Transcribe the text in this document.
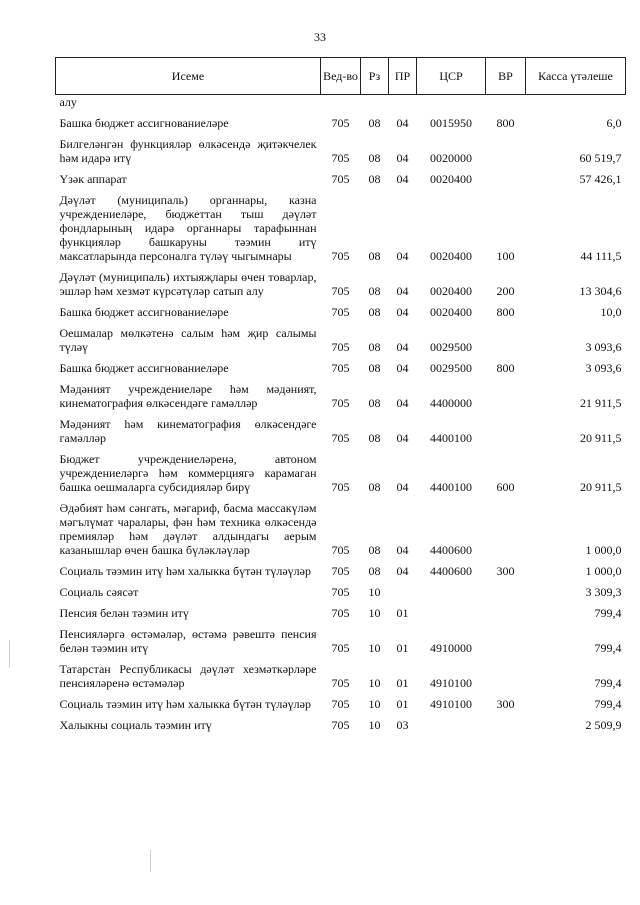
33
Исеме	Вед-во	Рз	ПР	ЦСР	ВР	Касса үтәлеше
алу						
Башка бюджет ассигнованиеләре	705	08	04	0015950	800	6,0
Билгеләнгән функцияләр өлкәсендә җитәкчелек һәм идарә итү	705	08	04	0020000		60 519,7
Үзәк аппарат	705	08	04	0020400		57 426,1
Дәүләт (муниципаль) органнары, казна учреждениеләре, бюджеттан тыш дәүләт фондларының идарә органнары тарафыннан функцияләр башкаруны тәэмин итү максатларында персоналга түләү чыгымнары	705	08	04	0020400	100	44 111,5
Дәүләт (муниципаль) ихтыяҗлары өчен товарлар, эшләр һәм хезмәт күрсәтүләр сатып алу	705	08	04	0020400	200	13 304,6
Башка бюджет ассигнованиеләре	705	08	04	0020400	800	10,0
Оешмалар мөлкәтенә салым һәм җир салымы түләү	705	08	04	0029500		3 093,6
Башка бюджет ассигнованиеләре	705	08	04	0029500	800	3 093,6
Мәдәният учреждениеләре һәм мәдәният, кинематография өлкәсендәге гамәлләр	705	08	04	4400000		21 911,5
Мәдәният һәм кинематография өлкәсендәге гамәлләр	705	08	04	4400100		20 911,5
Бюджет учреждениеләренә, автоном учреждениеләргә һәм коммерциягә карамаган башка оешмаларга субсидияләр бирү	705	08	04	4400100	600	20 911,5
Әдәбият һәм сәнгать, мәгариф, басма массакүләм мәгълүмат чаралары, фән һәм техника өлкәсендә премияләр һәм дәүләт алдындагы аерым казанышлар өчен башка бүләкләүләр	705	08	04	4400600		1 000,0
Социаль тәэмин итү һәм халыкка бүтән түләүләр	705	08	04	4400600	300	1 000,0
Социаль сәясәт	705	10				3 309,3
Пенсия белән тәэмин итү	705	10	01			799,4
Пенсияләргә өстәмәләр, өстәмә рәвештә пенсия белән тәэмин итү	705	10	01	4910000		799,4
Татарстан Республикасы дәүләт хезмәткәрләре пенсияләренә өстәмәләр	705	10	01	4910100		799,4
Социаль тәэмин итү һәм халыкка бүтән түләүләр	705	10	01	4910100	300	799,4
Халыкны социаль тәэмин итү	705	10	03			2 509,9
